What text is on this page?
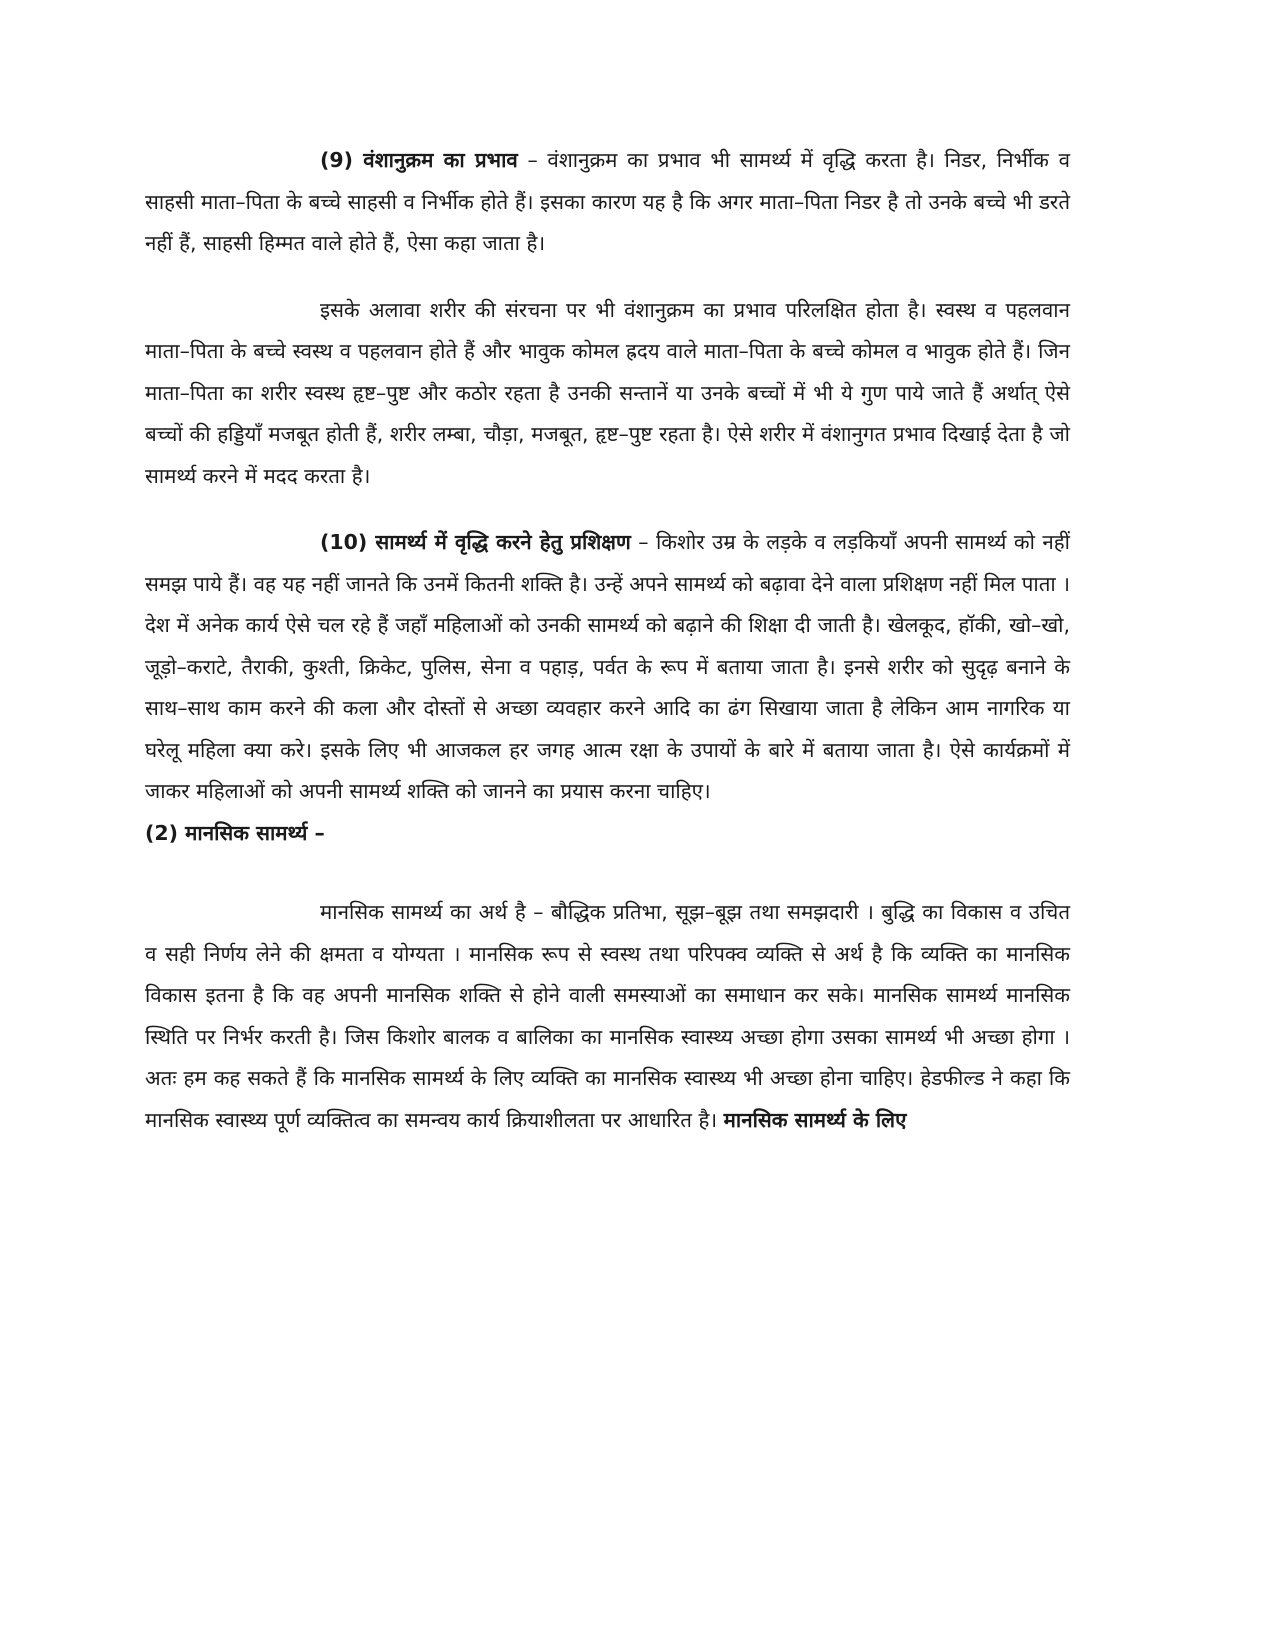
(9) वंशानुक्रम का प्रभाव – वंशानुक्रम का प्रभाव भी सामर्थ्य में वृद्धि करता है। निडर, निर्भीक व साहसी माता–पिता के बच्चे साहसी व निर्भीक होते हैं। इसका कारण यह है कि अगर माता–पिता निडर है तो उनके बच्चे भी डरते नहीं हैं, साहसी हिम्मत वाले होते हैं, ऐसा कहा जाता है।

इसके अलावा शरीर की संरचना पर भी वंशानुक्रम का प्रभाव परिलक्षित होता है। स्वस्थ व पहलवान माता–पिता के बच्चे स्वस्थ व पहलवान होते हैं और भावुक कोमल ह्रदय वाले माता–पिता के बच्चे कोमल व भावुक होते हैं। जिन माता–पिता का शरीर स्वस्थ हृष्ट–पुष्ट और कठोर रहता है उनकी सन्तानें या उनके बच्चों में भी ये गुण पाये जाते हैं अर्थात् ऐसे बच्चों की हड्डियाँ मजबूत होती हैं, शरीर लम्बा, चौड़ा, मजबूत, हृष्ट–पुष्ट रहता है। ऐसे शरीर में वंशानुगत प्रभाव दिखाई देता है जो सामर्थ्य करने में मदद करता है।

(10) सामर्थ्य में वृद्धि करने हेतु प्रशिक्षण – किशोर उम्र के लड़के व लड़कियाँ अपनी सामर्थ्य को नहीं समझ पाये हैं। वह यह नहीं जानते कि उनमें कितनी शक्ति है। उन्हें अपने सामर्थ्य को बढ़ावा देने वाला प्रशिक्षण नहीं मिल पाता । देश में अनेक कार्य ऐसे चल रहे हैं जहाँ महिलाओं को उनकी सामर्थ्य को बढ़ाने की शिक्षा दी जाती है। खेलकूद, हॉकी, खो–खो, जूड़ो–कराटे, तैराकी, कुश्ती, क्रिकेट, पुलिस, सेना व पहाड़, पर्वत के रूप में बताया जाता है। इनसे शरीर को सुदृढ़ बनाने के साथ–साथ काम करने की कला और दोस्तों से अच्छा व्यवहार करने आदि का ढंग सिखाया जाता है लेकिन आम नागरिक या घरेलू महिला क्या करे। इसके लिए भी आजकल हर जगह आत्म रक्षा के उपायों के बारे में बताया जाता है। ऐसे कार्यक्रमों में जाकर महिलाओं को अपनी सामर्थ्य शक्ति को जानने का प्रयास करना चाहिए।

(2) मानसिक सामर्थ्य –

मानसिक सामर्थ्य का अर्थ है – बौद्धिक प्रतिभा, सूझ–बूझ तथा समझदारी । बुद्धि का विकास व उचित व सही निर्णय लेने की क्षमता व योग्यता । मानसिक रूप से स्वस्थ तथा परिपक्व व्यक्ति से अर्थ है कि व्यक्ति का मानसिक विकास इतना है कि वह अपनी मानसिक शक्ति से होने वाली समस्याओं का समाधान कर सके। मानसिक सामर्थ्य मानसिक स्थिति पर निर्भर करती है। जिस किशोर बालक व बालिका का मानसिक स्वास्थ्य अच्छा होगा उसका सामर्थ्य भी अच्छा होगा । अतः हम कह सकते हैं कि मानसिक सामर्थ्य के लिए व्यक्ति का मानसिक स्वास्थ्य भी अच्छा होना चाहिए। हेडफील्ड ने कहा कि मानसिक स्वास्थ्य पूर्ण व्यक्तित्व का समन्वय कार्य क्रियाशीलता पर आधारित है। मानसिक सामर्थ्य के लिए
